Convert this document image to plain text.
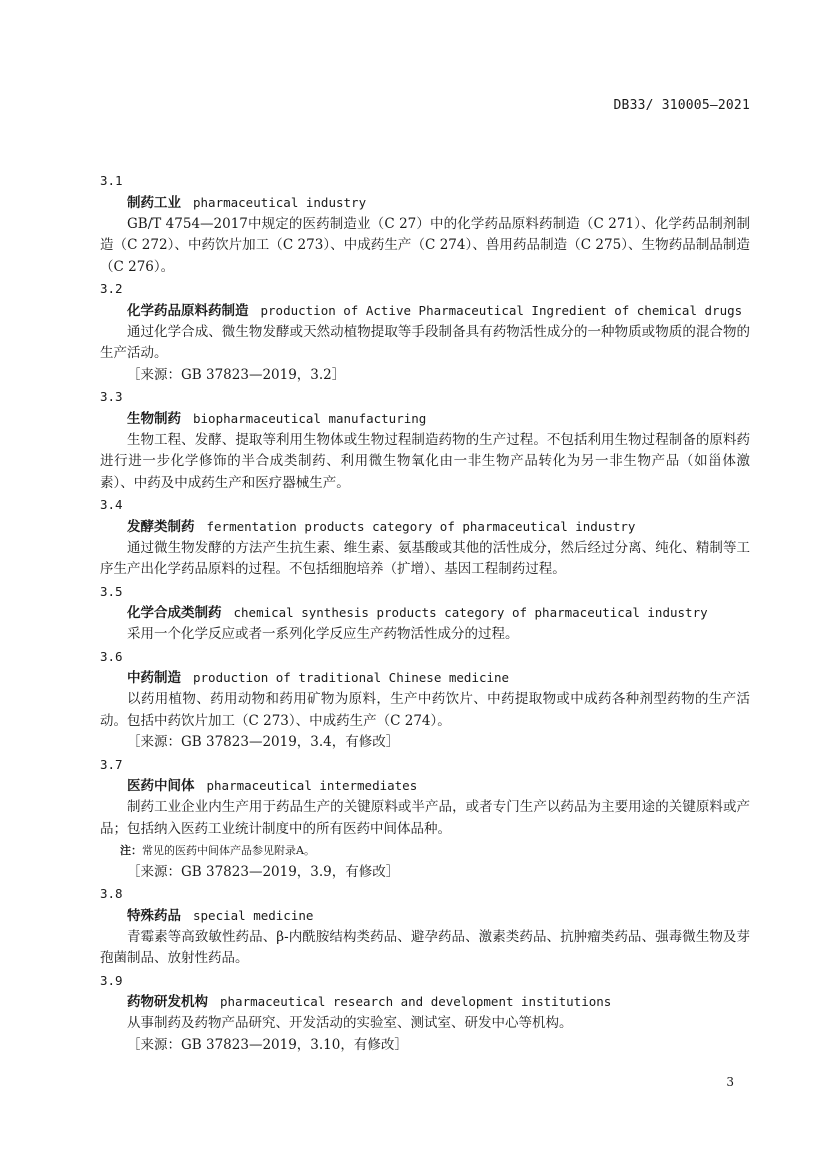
DB33/ 310005—2021
3.1
制药工业 pharmaceutical industry

GB/T 4754—2017中规定的医药制造业（C 27）中的化学药品原料药制造（C 271）、化学药品制剂制造（C 272）、中药饮片加工（C 273）、中成药生产（C 274）、兽用药品制造（C 275）、生物药品制品制造（C 276）。

3.2
化学药品原料药制造 production of Active Pharmaceutical Ingredient of chemical drugs

通过化学合成、微生物发酵或天然动植物提取等手段制备具有药物活性成分的一种物质或物质的混合物的生产活动。

［来源：GB 37823—2019，3.2］
3.3
生物制药 biopharmaceutical manufacturing

生物工程、发酵、提取等利用生物体或生物过程制造药物的生产过程。不包括利用生物过程制备的原料药进行进一步化学修饰的半合成类制药、利用微生物氧化由一非生物产品转化为另一非生物产品（如甾体激素）、中药及中成药生产和医疗器械生产。

3.4
发酵类制药 fermentation products category of pharmaceutical industry

通过微生物发酵的方法产生抗生素、维生素、氨基酸或其他的活性成分，然后经过分离、纯化、精制等工序生产出化学药品原料的过程。不包括细胞培养（扩增）、基因工程制药过程。

3.5
化学合成类制药 chemical synthesis products category of pharmaceutical industry

采用一个化学反应或者一系列化学反应生产药物活性成分的过程。

3.6
中药制造 production of traditional Chinese medicine

以药用植物、药用动物和药用矿物为原料，生产中药饮片、中药提取物或中成药各种剂型药物的生产活动。包括中药饮片加工（C 273）、中成药生产（C 274）。

［来源：GB 37823—2019，3.4，有修改］
3.7
医药中间体 pharmaceutical intermediates

制药工业企业内生产用于药品生产的关键原料或半产品，或者专门生产以药品为主要用途的关键原料或产品；包括纳入医药工业统计制度中的所有医药中间体品种。

注：常见的医药中间体产品参见附录A。
［来源：GB 37823—2019，3.9，有修改］
3.8
特殊药品 special medicine

青霉素等高致敏性药品、β-内酰胺结构类药品、避孕药品、激素类药品、抗肿瘤类药品、强毒微生物及芽孢菌制品、放射性药品。

3.9
药物研发机构 pharmaceutical research and development institutions

从事制药及药物产品研究、开发活动的实验室、测试室、研发中心等机构。

［来源：GB 37823—2019，3.10，有修改］
3
